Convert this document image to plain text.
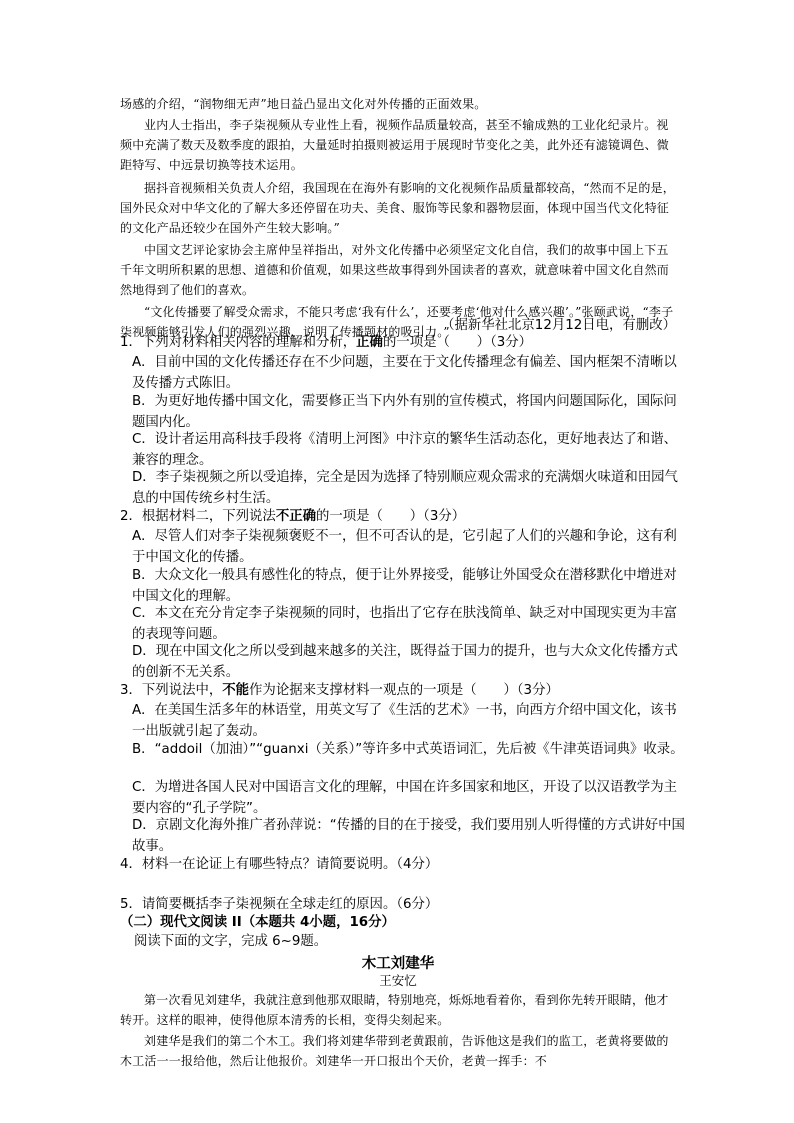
场感的介绍，“润物细无声”地日益凸显出文化对外传播的正面效果。

业内人士指出，李子柒视频从专业性上看，视频作品质量较高，甚至不输成熟的工业化纪录片。视频中充满了数天及数季度的跟拍，大量延时拍摄则被运用于展现时节变化之美，此外还有滤镜调色、微距特写、中远景切换等技术运用。

据抖音视频相关负责人介绍，我国现在在海外有影响的文化视频作品质量都较高，“然而不足的是，国外民众对中华文化的了解大多还停留在功夫、美食、服饰等民象和器物层面，体现中国当代文化特征的文化产品还较少在国外产生较大影响。”

中国文艺评论家协会主席仲呈祥指出，对外文化传播中必须坚定文化自信，我们的故事中国上下五千年文明所积累的思想、道德和价值观，如果这些故事得到外国读者的喜欢，就意味着中国文化自然而然地得到了他们的喜欢。

“文化传播要了解受众需求，不能只考虑‘我有什么’，还要考虑‘他对什么感兴趣’。”张颐武说，“李子柒视频能够引发人们的强烈兴趣，说明了传播题材的吸引力。”

（据新华社北京12月12日电，有删改）

1．下列对材料相关内容的理解和分析，正确的一项是（　　）（3分）

A．目前中国的文化传播还存在不少问题，主要在于文化传播理念有偏差、国内框架不清晰以及传播方式陈旧。

B．为更好地传播中国文化，需要修正当下内外有别的宣传模式，将国内问题国际化，国际问题国内化。

C．设计者运用高科技手段将《清明上河图》中汴京的繁华生活动态化，更好地表达了和谐、兼容的理念。

D．李子柒视频之所以受追捧，完全是因为选择了特别顺应观众需求的充满烟火味道和田园气息的中国传统乡村生活。

2．根据材料二，下列说法不正确的一项是（　　）（3分）

A．尽管人们对李子柒视频褒贬不一，但不可否认的是，它引起了人们的兴趣和争论，这有利于中国文化的传播。

B．大众文化一般具有感性化的特点，便于让外界接受，能够让外国受众在潜移默化中增进对中国文化的理解。

C．本文在充分肯定李子柒视频的同时，也指出了它存在肤浅简单、缺乏对中国现实更为丰富的表现等问题。

D．现在中国文化之所以受到越来越多的关注，既得益于国力的提升，也与大众文化传播方式的创新不无关系。

3．下列说法中，不能作为论据来支撑材料一观点的一项是（　　）（3分）

A．在美国生活多年的林语堂，用英文写了《生活的艺术》一书，向西方介绍中国文化，该书一出版就引起了轰动。

B．“addoil（加油）”“guanxi（关系）”等许多中式英语词汇，先后被《牛津英语词典》收录。

C．为增进各国人民对中国语言文化的理解，中国在许多国家和地区，开设了以汉语教学为主要内容的“孔子学院”。

D．京剧文化海外推广者孙萍说：“传播的目的在于接受，我们要用别人听得懂的方式讲好中国故事。

4．材料一在论证上有哪些特点？请简要说明。（4分）

5．请简要概括李子柒视频在全球走红的原因。（6分）

（二）现代文阅读 II（本题共 4小题，16分）

阅读下面的文字，完成 6~9题。

木工刘建华

王安忆

第一次看见刘建华，我就注意到他那双眼睛，特别地亮，烁烁地看着你，看到你先转开眼睛，他才转开。这样的眼神，使得他原本清秀的长相，变得尖刻起来。

刘建华是我们的第二个木工。我们将刘建华带到老黄跟前，告诉他这是我们的监工，老黄将要做的木工活一一报给他，然后让他报价。刘建华一开口报出个天价，老黄一挥手：不
